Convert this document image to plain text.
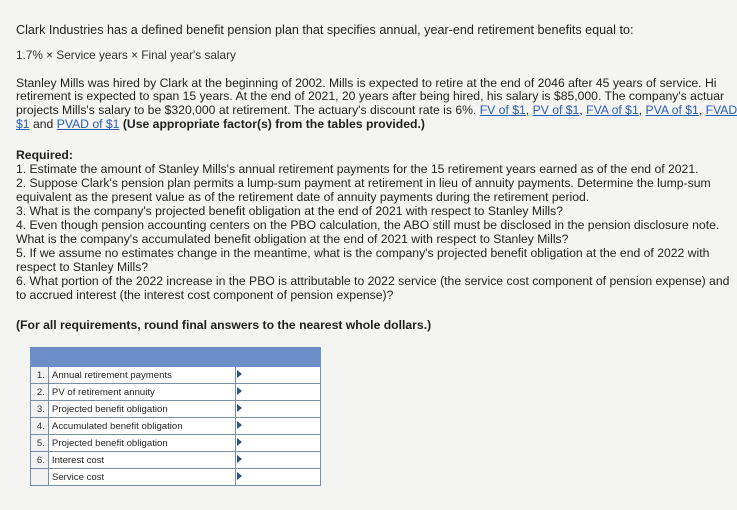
Clark Industries has a defined benefit pension plan that specifies annual, year-end retirement benefits equal to:
1.7% × Service years × Final year's salary
Stanley Mills was hired by Clark at the beginning of 2002. Mills is expected to retire at the end of 2046 after 45 years of service. Hi
retirement is expected to span 15 years. At the end of 2021, 20 years after being hired, his salary is $85,000. The company's actuar
projects Mills's salary to be $320,000 at retirement. The actuary's discount rate is 6%. FV of $1, PV of $1, FVA of $1, PVA of $1, FVAD
$1 and PVAD of $1 (Use appropriate factor(s) from the tables provided.)
Required:
1. Estimate the amount of Stanley Mills's annual retirement payments for the 15 retirement years earned as of the end of 2021.
2. Suppose Clark's pension plan permits a lump-sum payment at retirement in lieu of annuity payments. Determine the lump-sum
equivalent as the present value as of the retirement date of annuity payments during the retirement period.
3. What is the company's projected benefit obligation at the end of 2021 with respect to Stanley Mills?
4. Even though pension accounting centers on the PBO calculation, the ABO still must be disclosed in the pension disclosure note.
What is the company's accumulated benefit obligation at the end of 2021 with respect to Stanley Mills?
5. If we assume no estimates change in the meantime, what is the company's projected benefit obligation at the end of 2022 with
respect to Stanley Mills?
6. What portion of the 2022 increase in the PBO is attributable to 2022 service (the service cost component of pension expense) and
to accrued interest (the interest cost component of pension expense)?
(For all requirements, round final answers to the nearest whole dollars.)

1.	Annual retirement payments	

2.	PV of retirement annuity	

3.	Projected benefit obligation	

4.	Accumulated benefit obligation	

5.	Projected benefit obligation	

6.	Interest cost	

	Service cost	
